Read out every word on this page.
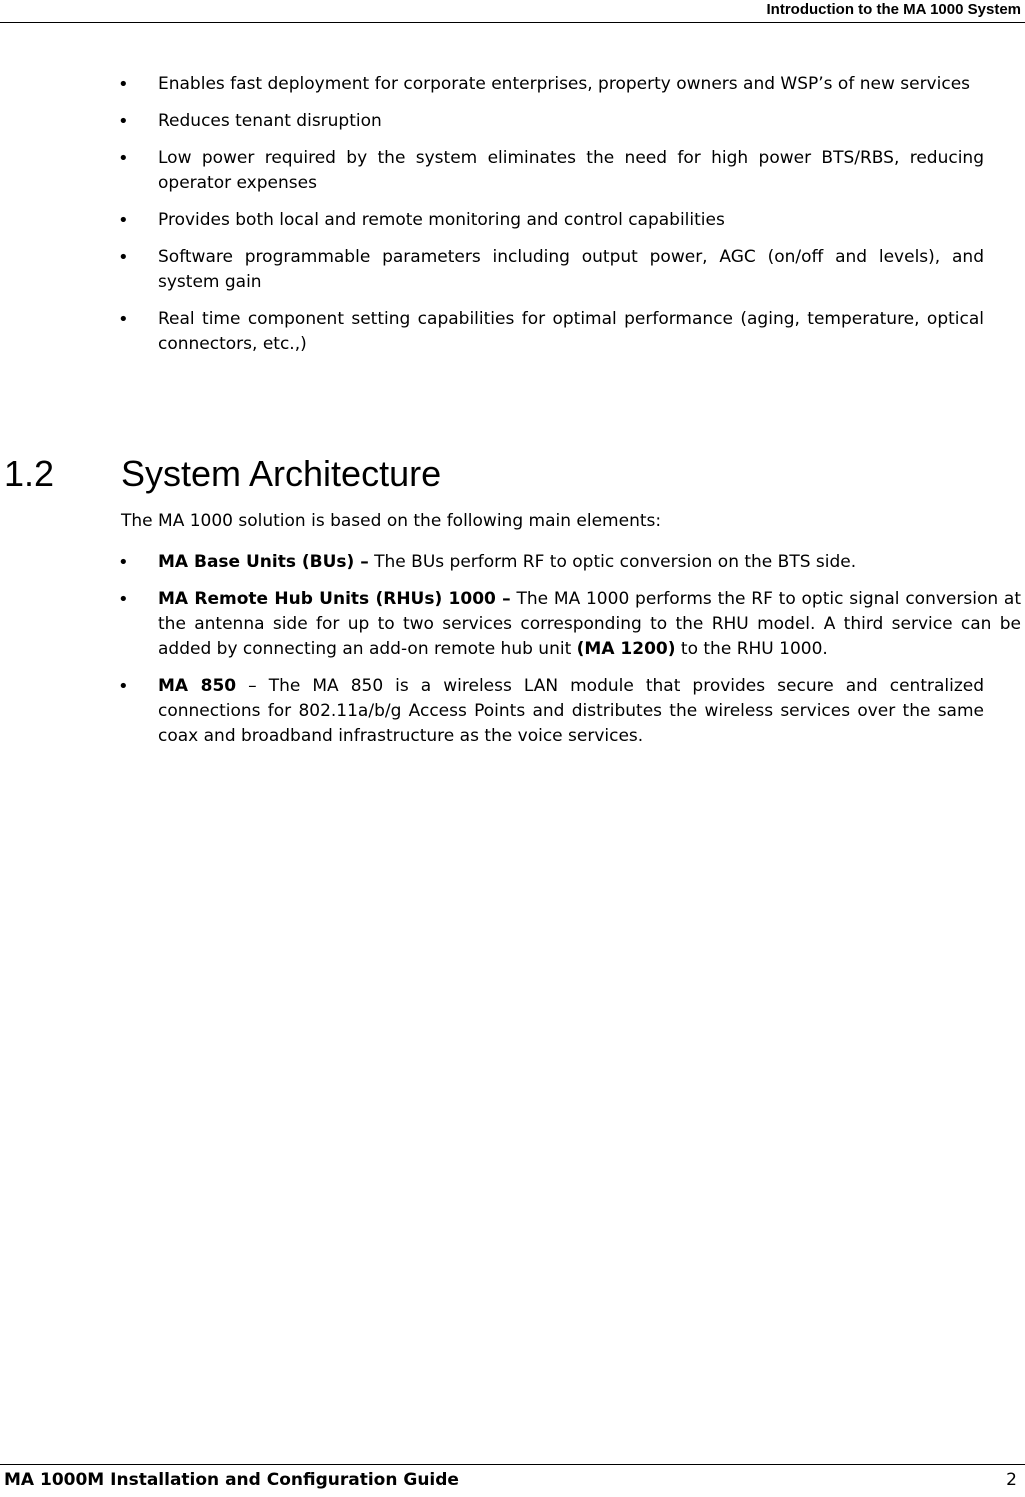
Introduction to the MA 1000 System
• Enables fast deployment for corporate enterprises, property owners and WSP’s of new services
• Reduces tenant disruption
• Low power required by the system eliminates the need for high power BTS/RBS, reducing operator expenses
• Provides both local and remote monitoring and control capabilities
• Software programmable parameters including output power, AGC (on/off and levels), and system gain
• Real time component setting capabilities for optimal performance (aging, temperature, optical connectors, etc.,)
1.2 System Architecture
The MA 1000 solution is based on the following main elements:
• MA Base Units (BUs) – The BUs perform RF to optic conversion on the BTS side.
• MA Remote Hub Units (RHUs) 1000 – The MA 1000 performs the RF to optic signal conversion at the antenna side for up to two services corresponding to the RHU model. A third service can be added by connecting an add-on remote hub unit (MA 1200) to the RHU 1000.
• MA 850 – The MA 850 is a wireless LAN module that provides secure and centralized connections for 802.11a/b/g Access Points and distributes the wireless services over the same coax and broadband infrastructure as the voice services.
MA 1000M Installation and Configuration Guide	2
